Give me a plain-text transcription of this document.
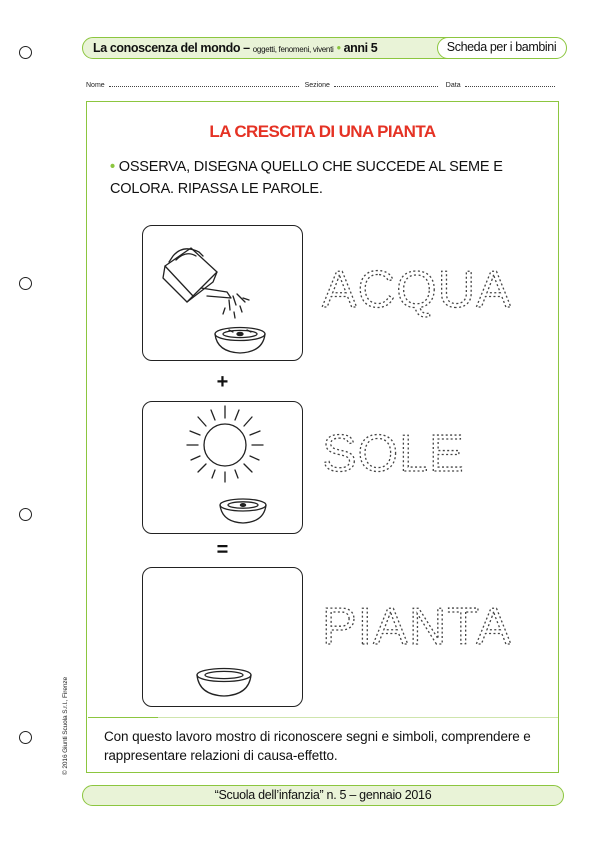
La conoscenza del mondo – oggetti, fenomeni, viventi • anni 5	Scheda per i bambini
Nome	Sezione	Data
LA CRESCITA DI UNA PIANTA
• OSSERVA, DISEGNA QUELLO CHE SUCCEDE AL SEME E COLORA. RIPASSA LE PAROLE.
+
=
ACQUA
SOLE
PIANTA
Con questo lavoro mostro di riconoscere segni e simboli, comprendere e rappresentare relazioni di causa-effetto.
© 2016 Giunti Scuola S.r.l., Firenze
“Scuola dell’infanzia” n. 5 – gennaio 2016
